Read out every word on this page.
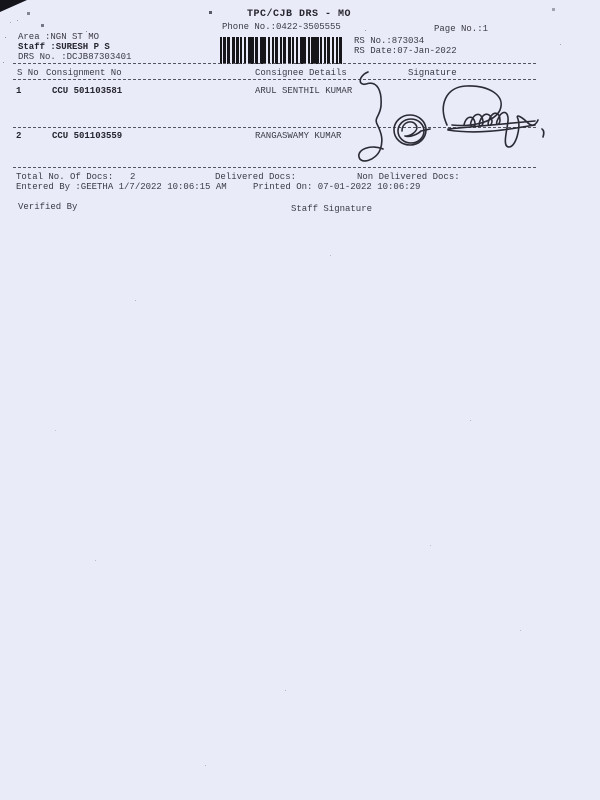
TPC/CJB DRS - MO
Phone No.:0422-3505555	Page No.:1
Area :NGN ST MO
Staff :SURESH P S
DRS No. :DCJB87303401
RS No.:873034
RS Date:07-Jan-2022
S No Consignment No	Consignee Details	Signature
1	CCU 501103581	ARUL SENTHIL KUMAR
2	CCU 501103559	RANGASWAMY KUMAR
Total No. Of Docs: 2	Delivered Docs:	Non Delivered Docs:
Entered By :GEETHA 1/7/2022 10:06:15 AM	Printed On: 07-01-2022 10:06:29
Verified By	Staff Signature
